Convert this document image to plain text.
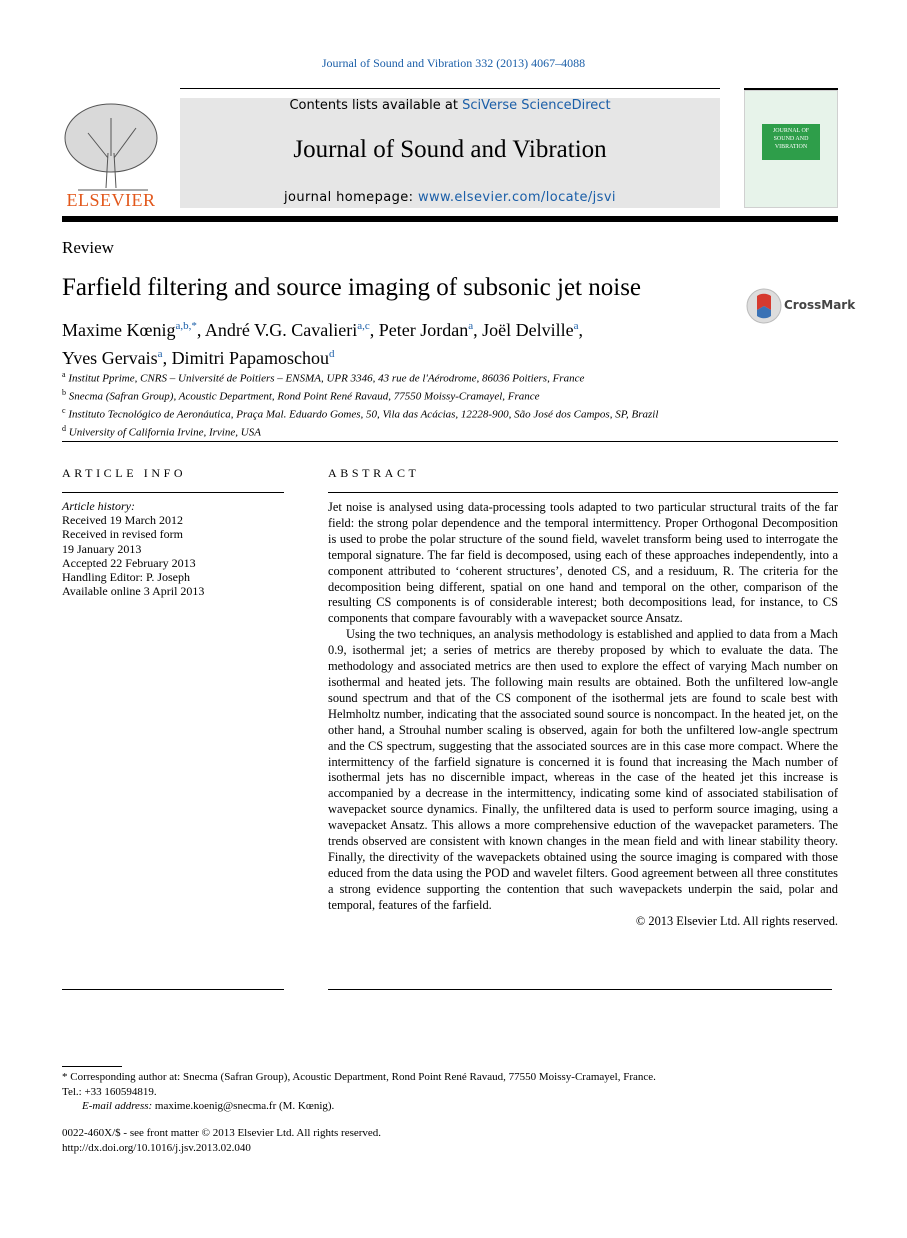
Journal of Sound and Vibration 332 (2013) 4067–4088
ELSEVIER
Contents lists available at SciVerse ScienceDirect
Journal of Sound and Vibration
journal homepage: www.elsevier.com/locate/jsvi
JOURNAL OF SOUND AND VIBRATION
Review
Farfield filtering and source imaging of subsonic jet noise
CrossMark
Maxime Kœnig$^{a,b,*}$, André V.G. Cavalieri$^{a,c}$, Peter Jordan$^a$, Joël Delville$^a$,
Yves Gervais$^a$, Dimitri Papamoschou$^d$
$^a$ Institut Pprime, CNRS – Université de Poitiers – ENSMA, UPR 3346, 43 rue de l'Aérodrome, 86036 Poitiers, France
$^b$ Snecma (Safran Group), Acoustic Department, Rond Point René Ravaud, 77550 Moissy-Cramayel, France
$^c$ Instituto Tecnológico de Aeronáutica, Praça Mal. Eduardo Gomes, 50, Vila das Acácias, 12228-900, São José dos Campos, SP, Brazil
$^d$ University of California Irvine, Irvine, USA
ARTICLE INFO
Article history:
Received 19 March 2012
Received in revised form
19 January 2013
Accepted 22 February 2013
Handling Editor: P. Joseph
Available online 3 April 2013
ABSTRACT

Jet noise is analysed using data-processing tools adapted to two particular structural traits of the far field: the strong polar dependence and the temporal intermittency. Proper Orthogonal Decomposition is used to probe the polar structure of the sound field, wavelet transform being used to interrogate the temporal signature. The far field is decomposed, using each of these approaches independently, into a component attributed to ‘coherent structures’, denoted CS, and a residuum, R. The criteria for the decomposition being different, spatial on one hand and temporal on the other, comparison of the resulting CS components is of considerable interest; both decompositions lead, for instance, to CS components that compare favourably with a wavepacket source Ansatz.

Using the two techniques, an analysis methodology is established and applied to data from a Mach 0.9, isothermal jet; a series of metrics are thereby proposed by which to evaluate the data. The methodology and associated metrics are then used to explore the effect of varying Mach number on isothermal and heated jets. The following main results are obtained. Both the unfiltered low-angle sound spectrum and that of the CS component of the isothermal jets are found to scale best with Helmholtz number, indicating that the associated sound source is noncompact. In the heated jet, on the other hand, a Strouhal number scaling is observed, again for both the unfiltered low-angle spectrum and the CS spectrum, suggesting that the associated sources are in this case more compact. Where the intermittency of the farfield signature is concerned it is found that increasing the Mach number of isothermal jets has no discernible impact, whereas in the case of the heated jet this increase is accompanied by a decrease in the intermittency, indicating some kind of associated stabilisation of wavepacket source dynamics. Finally, the unfiltered data is used to perform source imaging, using a wavepacket Ansatz. This allows a more comprehensive eduction of the wavepacket parameters. The trends observed are consistent with known changes in the mean field and with linear stability theory. Finally, the directivity of the wavepackets obtained using the source imaging is compared with those educed from the data using the POD and wavelet filters. Good agreement between all three constitutes a strong evidence supporting the contention that such wavepackets underpin the said, polar and temporal, features of the farfield.

© 2013 Elsevier Ltd. All rights reserved.
* Corresponding author at: Snecma (Safran Group), Acoustic Department, Rond Point René Ravaud, 77550 Moissy-Cramayel, France.
Tel.: +33 160594819.
E-mail address: maxime.koenig@snecma.fr (M. Kœnig).
0022-460X/$ - see front matter © 2013 Elsevier Ltd. All rights reserved.
http://dx.doi.org/10.1016/j.jsv.2013.02.040
